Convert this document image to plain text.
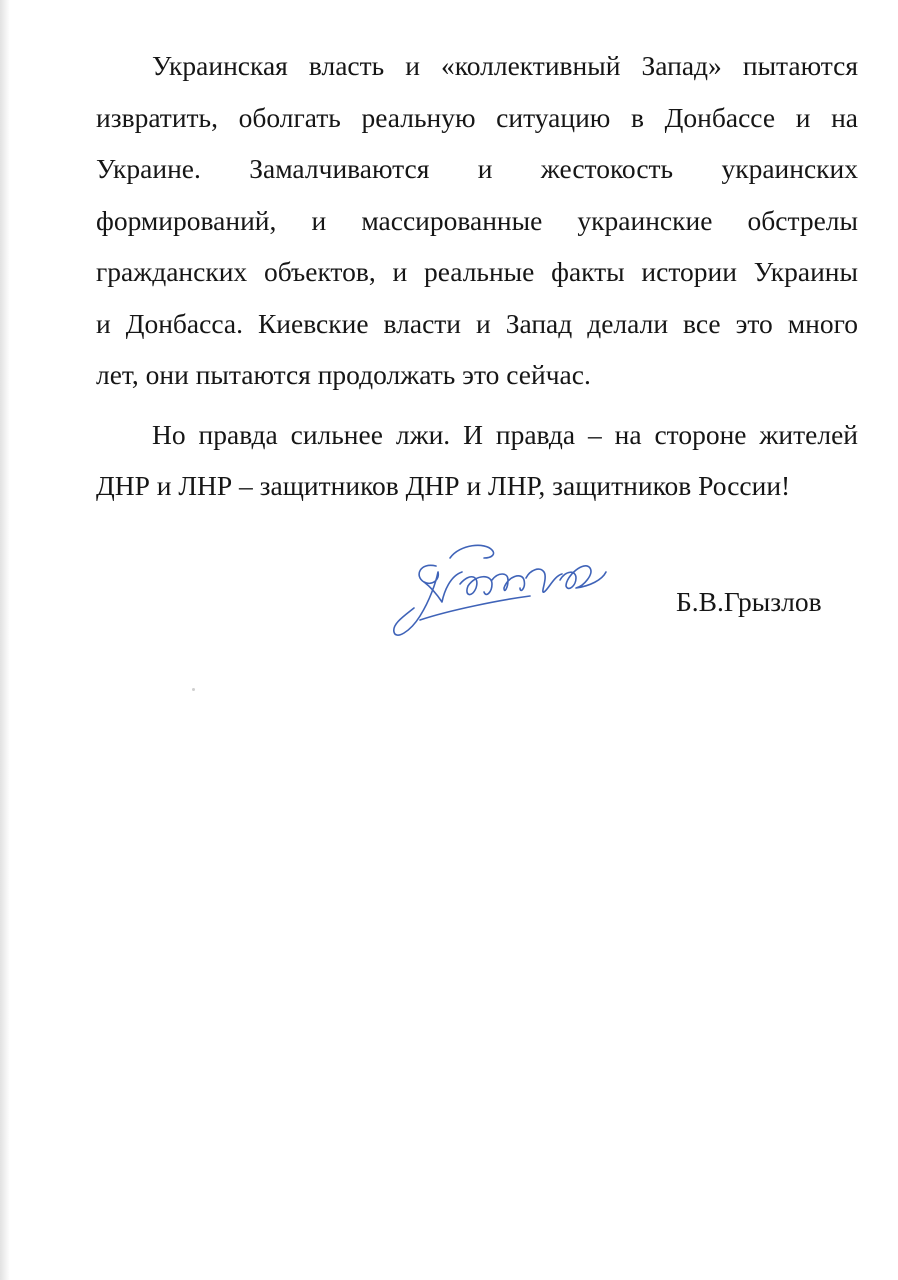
Украинская власть и «коллективный Запад» пытаются
извратить, оболгать реальную ситуацию в Донбассе и на
Украине. Замалчиваются и жестокость украинских
формирований, и массированные украинские обстрелы
гражданских объектов, и реальные факты истории Украины
и Донбасса. Киевские власти и Запад делали все это много
лет, они пытаются продолжать это сейчас.

Но правда сильнее лжи. И правда – на стороне жителей
ДНР и ЛНР – защитников ДНР и ЛНР, защитников России!

Б.В.Грызлов
